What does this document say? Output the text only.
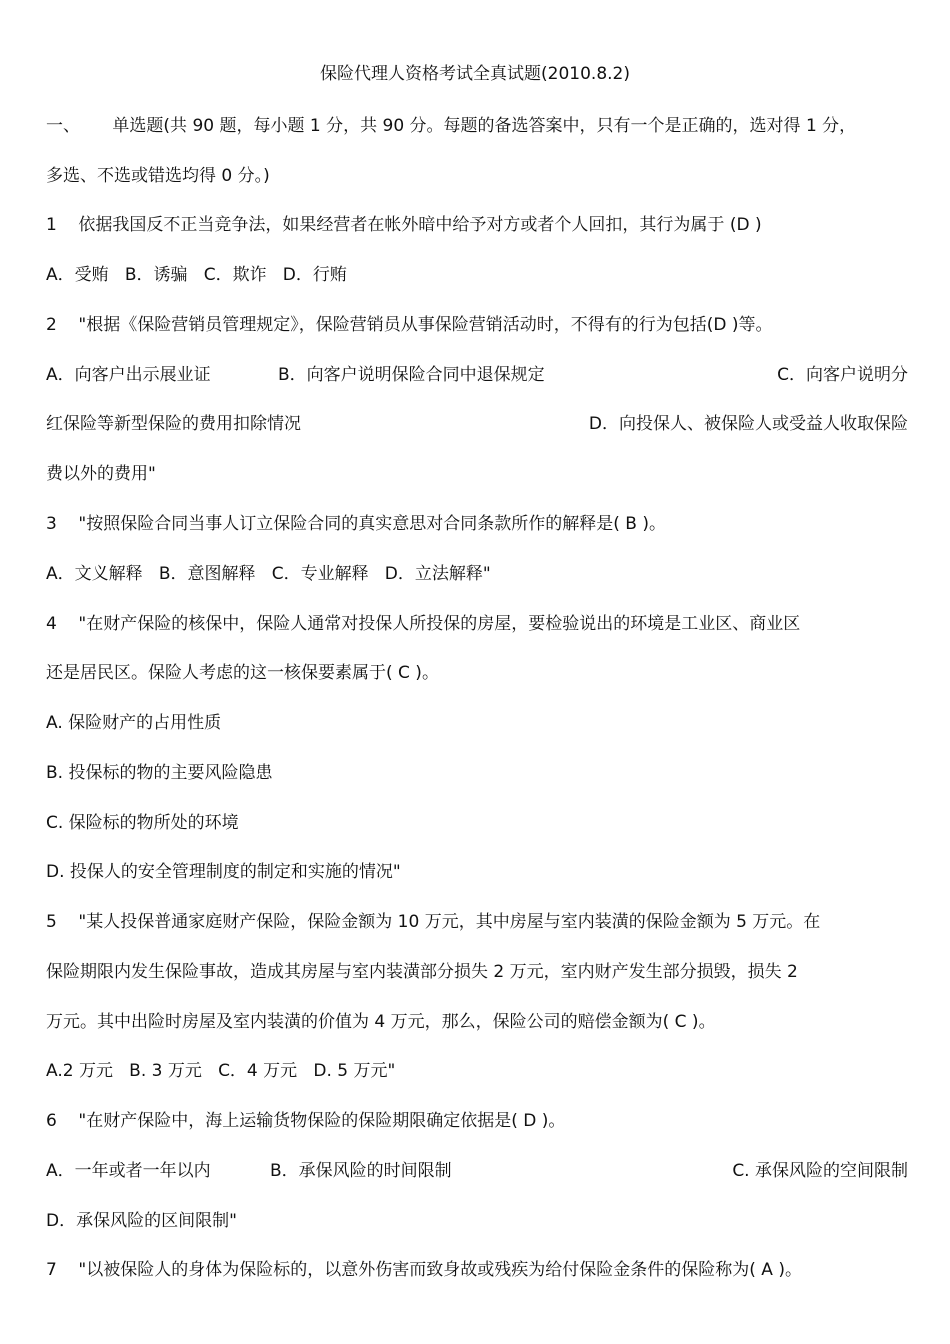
保险代理人资格考试全真试题(2010.8.2)

一、      单选题(共 90 题，每小题 1 分，共 90 分。每题的备选答案中，只有一个是正确的，选对得 1 分，

多选、不选或错选均得 0 分。)

1    依据我国反不正当竞争法，如果经营者在帐外暗中给予对方或者个人回扣，其行为属于 (D )

A．受贿   B．诱骗   C．欺诈   D．行贿

2    "根据《保险营销员管理规定》，保险营销员从事保险营销活动时，不得有的行为包括(D )等。

A．向客户出示展业证	B．向客户说明保险合同中退保规定	C．向客户说明分
红保险等新型保险的费用扣除情况	D．向投保人、被保险人或受益人收取保险

费以外的费用"

3    "按照保险合同当事人订立保险合同的真实意思对合同条款所作的解释是( B )。

A．文义解释   B．意图解释   C．专业解释   D．立法解释"

4    "在财产保险的核保中，保险人通常对投保人所投保的房屋，要检验说出的环境是工业区、商业区

还是居民区。保险人考虑的这一核保要素属于( C )。

A. 保险财产的占用性质

B. 投保标的物的主要风险隐患

C. 保险标的物所处的环境

D. 投保人的安全管理制度的制定和实施的情况"

5    "某人投保普通家庭财产保险，保险金额为 10 万元，其中房屋与室内装潢的保险金额为 5 万元。在

保险期限内发生保险事故，造成其房屋与室内装潢部分损失 2 万元，室内财产发生部分损毁，损失 2

万元。其中出险时房屋及室内装潢的价值为 4 万元，那么，保险公司的赔偿金额为( C )。

A.2 万元   B. 3 万元   C．4 万元   D. 5 万元"

6    "在财产保险中，海上运输货物保险的保险期限确定依据是( D )。

A．一年或者一年以内	B．承保风险的时间限制	C. 承保风险的空间限制

D．承保风险的区间限制"

7    "以被保险人的身体为保险标的，以意外伤害而致身故或残疾为给付保险金条件的保险称为( A )。
